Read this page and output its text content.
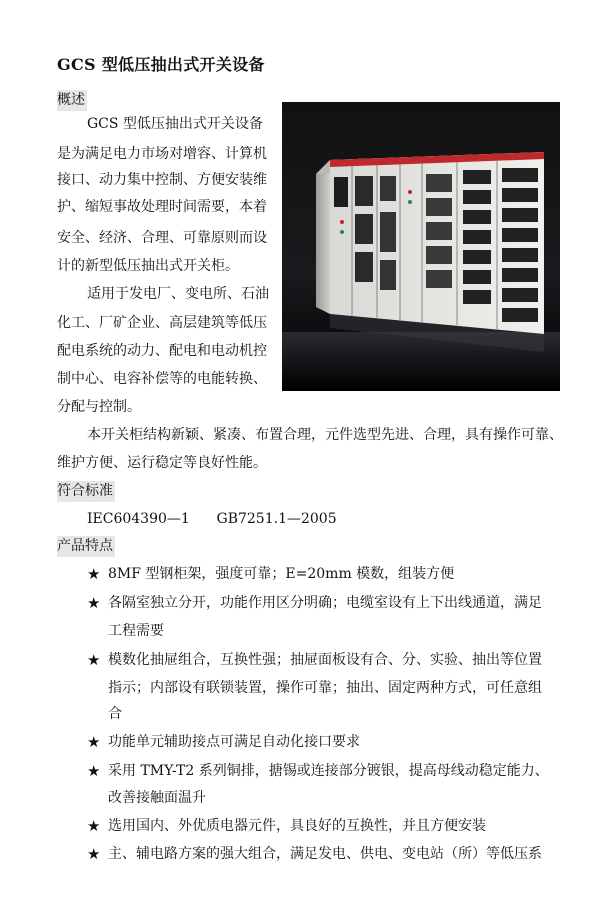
GCS 型低压抽出式开关设备
概述
GCS 型低压抽出式开关设备
是为满足电力市场对增容、计算机
接口、动力集中控制、方便安装维
护、缩短事故处理时间需要，本着
安全、经济、合理、可靠原则而设
计的新型低压抽出式开关柜。
适用于发电厂、变电所、石油
化工、厂矿企业、高层建筑等低压
配电系统的动力、配电和电动机控
制中心、电容补偿等的电能转换、
分配与控制。
本开关柜结构新颖、紧凑、布置合理，元件选型先进、合理，具有操作可靠、
维护方便、运行稳定等良好性能。
符合标准
IEC604390—1      GB7251.1—2005
产品特点
★ 8MF 型钢柜架，强度可靠；E=20mm 模数，组装方便
★ 各隔室独立分开，功能作用区分明确；电缆室设有上下出线通道，满足
工程需要
★ 模数化抽屉组合，互换性强；抽屉面板设有合、分、实验、抽出等位置
指示；内部设有联锁装置，操作可靠；抽出、固定两种方式，可任意组
合
★ 功能单元辅助接点可满足自动化接口要求
★ 采用 TMY-T2 系列铜排，搪锡或连接部分镀银，提高母线动稳定能力、
改善接触面温升
★ 选用国内、外优质电器元件，具良好的互换性，并且方便安装
★ 主、辅电路方案的强大组合，满足发电、供电、变电站（所）等低压系
